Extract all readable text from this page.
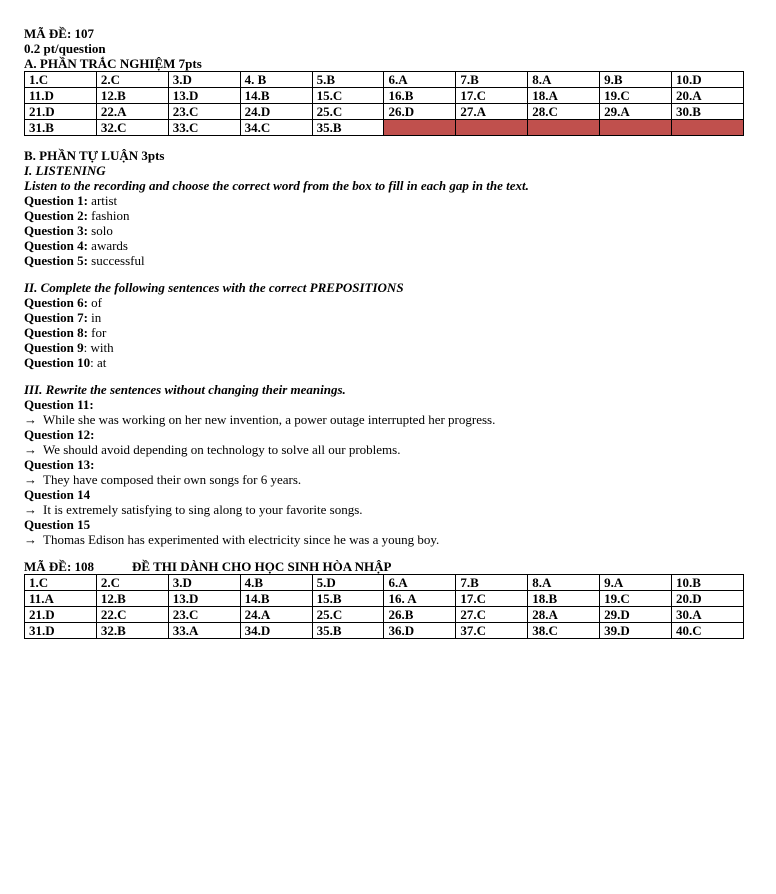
MÃ ĐỀ: 107
0.2 pt/question
A. PHẦN TRẮC NGHIỆM 7pts
1.C	2.C	3.D	4. B	5.B	6.A	7.B	8.A	9.B	10.D
11.D	12.B	13.D	14.B	15.C	16.B	17.C	18.A	19.C	20.A
21.D	22.A	23.C	24.D	25.C	26.D	27.A	28.C	29.A	30.B
31.B	32.C	33.C	34.C	35.B					
B. PHẦN TỰ LUẬN 3pts
I. LISTENING
Listen to the recording and choose the correct word from the box to fill in each gap in the text.
Question 1: artist
Question 2: fashion
Question 3: solo
Question 4: awards
Question 5: successful
II. Complete the following sentences with the correct PREPOSITIONS
Question 6: of
Question 7: in
Question 8: for
Question 9: with
Question 10: at
III. Rewrite the sentences without changing their meanings.
Question 11:
→ While she was working on her new invention, a power outage interrupted her progress.
Question 12:
→ We should avoid depending on technology to solve all our problems.
Question 13:
→ They have composed their own songs for 6 years.
Question 14
→ It is extremely satisfying to sing along to your favorite songs.
Question 15
→ Thomas Edison has experimented with electricity since he was a young boy.
MÃ ĐỀ: 108	ĐỀ THI DÀNH CHO HỌC SINH HÒA NHẬP
1.C	2.C	3.D	4.B	5.D	6.A	7.B	8.A	9.A	10.B
11.A	12.B	13.D	14.B	15.B	16. A	17.C	18.B	19.C	20.D
21.D	22.C	23.C	24.A	25.C	26.B	27.C	28.A	29.D	30.A
31.D	32.B	33.A	34.D	35.B	36.D	37.C	38.C	39.D	40.C
